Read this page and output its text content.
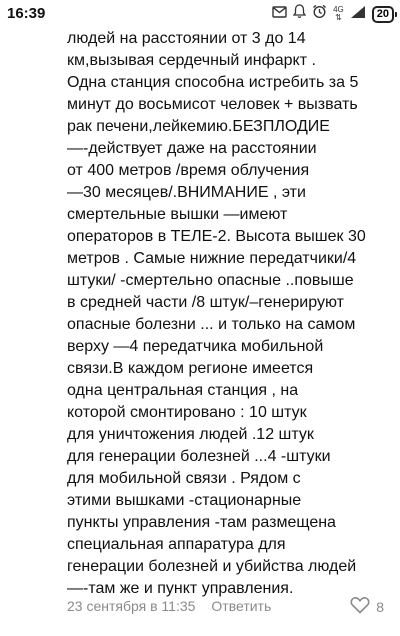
16:39	4G
⇅	20
людей на расстоянии от 3 до 14
км,вызывая сердечный инфаркт .
Одна станция способна истребить за 5
минут до восьмисот человек + вызвать
рак печени,лейкемию.БЕЗПЛОДИЕ
—-действует даже на расстоянии
от 400 метров /время облучения
—30 месяцев/.ВНИМАНИЕ , эти
смертельные вышки —имеют
операторов в ТЕЛЕ-2. Высота вышек 30
метров . Самые нижние передатчики/4
штуки/ -смертельно опасные ..повыше
в средней части /8 штук/–генерируют
опасные болезни ... и только на самом
верху —4 передатчика мобильной
связи.В каждом регионе имеется
одна центральная станция , на
которой смонтировано : 10 штук
для уничтожения людей .12 штук
для генерации болезней ...4 -штуки
для мобильной связи . Рядом с
этими вышками -стационарные
пункты управления -там размещена
специальная аппаратура для
генерации болезней и убийства людей
—-там же и пункт управления.
23 сентября в 11:35 Ответить	8
